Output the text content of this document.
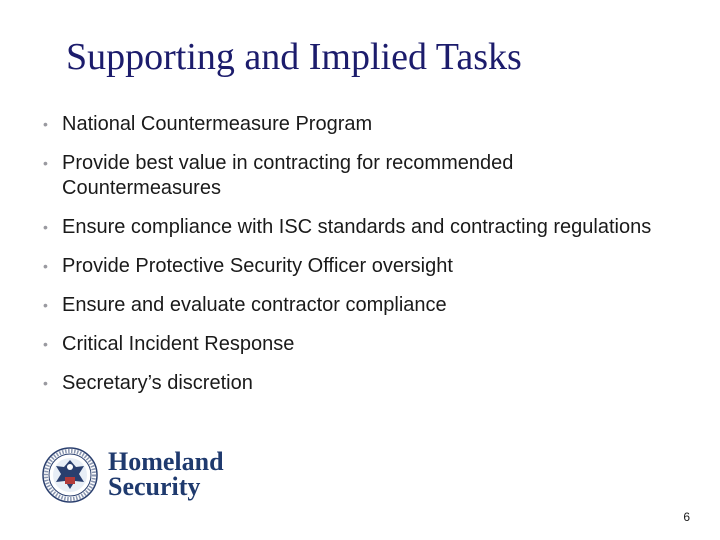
Supporting and Implied Tasks
• National Countermeasure Program
• Provide best value in contracting for recommended Countermeasures
• Ensure compliance with ISC standards and contracting regulations
• Provide Protective Security Officer oversight
• Ensure and evaluate contractor compliance
• Critical Incident Response
• Secretary’s discretion
Homeland
Security
6
